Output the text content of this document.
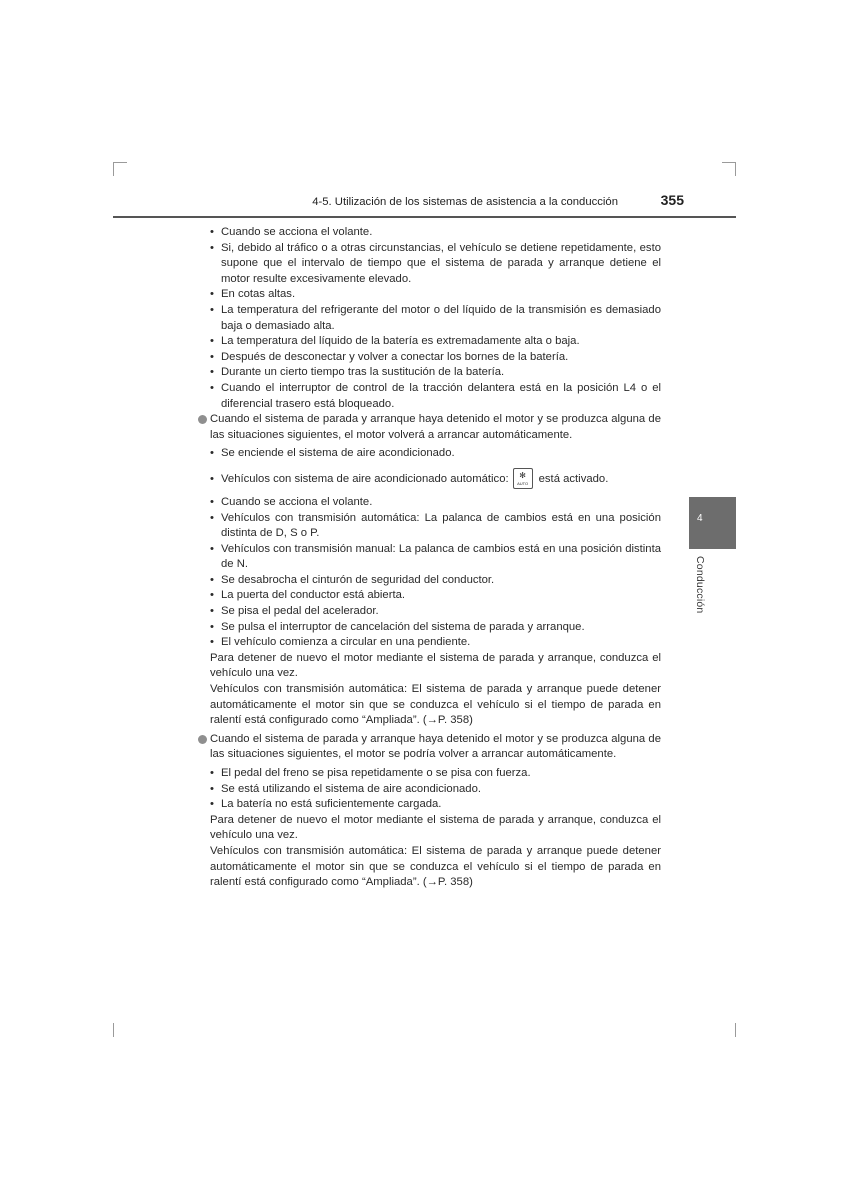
4-5. Utilización de los sistemas de asistencia a la conducción	355
4
Conducción
• Cuando se acciona el volante.
• Si, debido al tráfico o a otras circunstancias, el vehículo se detiene repetidamente, esto supone que el intervalo de tiempo que el sistema de parada y arranque detiene el motor resulte excesivamente elevado.
• En cotas altas.
• La temperatura del refrigerante del motor o del líquido de la transmisión es demasiado baja o demasiado alta.
• La temperatura del líquido de la batería es extremadamente alta o baja.
• Después de desconectar y volver a conectar los bornes de la batería.
• Durante un cierto tiempo tras la sustitución de la batería.
• Cuando el interruptor de control de la tracción delantera está en la posición L4 o el diferencial trasero está bloqueado.
Cuando el sistema de parada y arranque haya detenido el motor y se produzca alguna de las situaciones siguientes, el motor volverá a arrancar automáticamente.
• Se enciende el sistema de aire acondicionado.
• Vehículos con sistema de aire acondicionado automático:	✻
AUTO está activado.
• Cuando se acciona el volante.
• Vehículos con transmisión automática: La palanca de cambios está en una posición distinta de D, S o P.
• Vehículos con transmisión manual: La palanca de cambios está en una posición distinta de N.
• Se desabrocha el cinturón de seguridad del conductor.
• La puerta del conductor está abierta.
• Se pisa el pedal del acelerador.
• Se pulsa el interruptor de cancelación del sistema de parada y arranque.
• El vehículo comienza a circular en una pendiente.
Para detener de nuevo el motor mediante el sistema de parada y arranque, conduzca el vehículo una vez.
Vehículos con transmisión automática: El sistema de parada y arranque puede detener automáticamente el motor sin que se conduzca el vehículo si el tiempo de parada en ralentí está configurado como “Ampliada”. (→P. 358)
Cuando el sistema de parada y arranque haya detenido el motor y se produzca alguna de las situaciones siguientes, el motor se podría volver a arrancar automáticamente.
• El pedal del freno se pisa repetidamente o se pisa con fuerza.
• Se está utilizando el sistema de aire acondicionado.
• La batería no está suficientemente cargada.
Para detener de nuevo el motor mediante el sistema de parada y arranque, conduzca el vehículo una vez.
Vehículos con transmisión automática: El sistema de parada y arranque puede detener automáticamente el motor sin que se conduzca el vehículo si el tiempo de parada en ralentí está configurado como “Ampliada”. (→P. 358)
